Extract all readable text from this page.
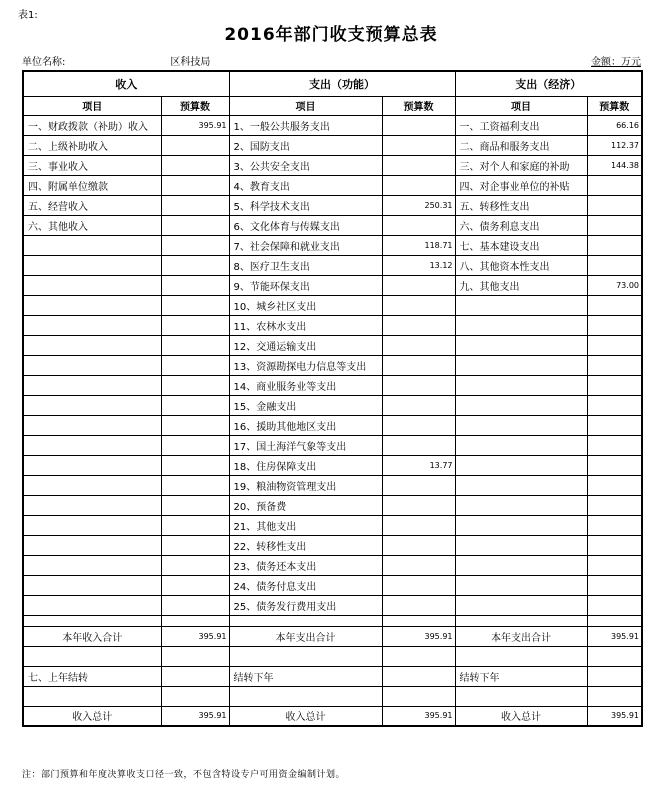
表1:
2016年部门收支预算总表
单位名称:	区科技局	金额：万元
收入		支出（功能）		支出（经济）	
项目	预算数	项目	预算数	项目	预算数
一、财政拨款（补助）收入	395.91	1、一般公共服务支出		一、工资福利支出	66.16
二、上级补助收入		2、国防支出		二、商品和服务支出	112.37
三、事业收入		3、公共安全支出		三、对个人和家庭的补助	144.38
四、附属单位缴款		4、教育支出		四、对企事业单位的补贴	
五、经营收入		5、科学技术支出	250.31	五、转移性支出	
六、其他收入		6、文化体育与传媒支出		六、债务利息支出	
		7、社会保障和就业支出	118.71	七、基本建设支出	
		8、医疗卫生支出	13.12	八、其他资本性支出	
		9、节能环保支出		九、其他支出	73.00
		10、城乡社区支出			
		11、农林水支出			
		12、交通运输支出			
		13、资源勘探电力信息等支出			
		14、商业服务业等支出			
		15、金融支出			
		16、援助其他地区支出			
		17、国土海洋气象等支出			
		18、住房保障支出	13.77		
		19、粮油物资管理支出			
		20、预备费			
		21、其他支出			
		22、转移性支出			
		23、债务还本支出			
		24、债务付息支出			
		25、债务发行费用支出			

本年收入合计	395.91	本年支出合计	395.91	本年支出合计	395.91

七、上年结转		结转下年		结转下年	

收入总计	395.91	收入总计	395.91	收入总计	395.91
注：部门预算和年度决算收支口径一致，不包含特设专户可用资金编制计划。
